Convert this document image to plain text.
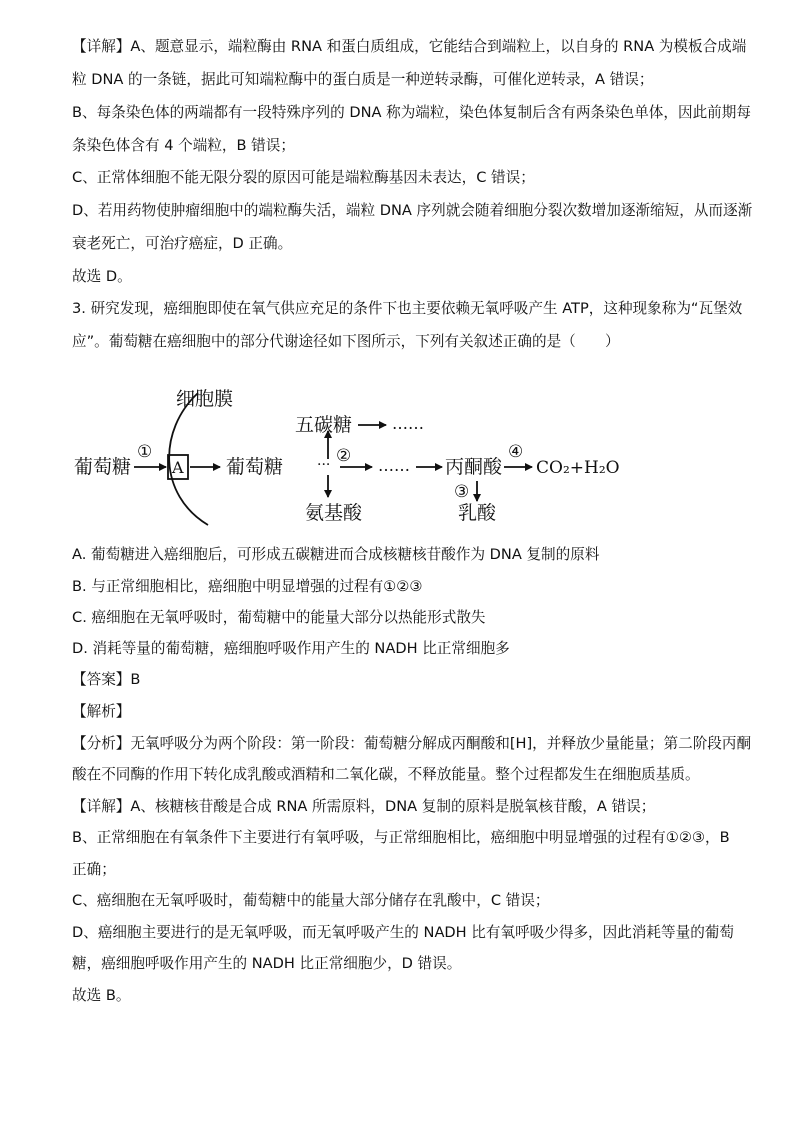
【详解】A、题意显示，端粒酶由 RNA 和蛋白质组成，它能结合到端粒上，以自身的 RNA 为模板合成端
粒 DNA 的一条链，据此可知端粒酶中的蛋白质是一种逆转录酶，可催化逆转录，A 错误；
B、每条染色体的两端都有一段特殊序列的 DNA 称为端粒，染色体复制后含有两条染色单体，因此前期每
条染色体含有 4 个端粒，B 错误；
C、正常体细胞不能无限分裂的原因可能是端粒酶基因未表达，C 错误；
D、若用药物使肿瘤细胞中的端粒酶失活，端粒 DNA 序列就会随着细胞分裂次数增加逐渐缩短，从而逐渐
衰老死亡，可治疗癌症，D 正确。
故选 D。
3. 研究发现，癌细胞即使在氧气供应充足的条件下也主要依赖无氧呼吸产生 ATP，这种现象称为“瓦堡效
应”。葡萄糖在癌细胞中的部分代谢途径如下图所示，下列有关叙述正确的是（　　）
细胞膜
葡萄糖
①
A 葡萄糖 ··· ②
五碳糖 ……
……
氨基酸
丙酮酸
④
CO₂+H₂O
③
乳酸
A. 葡萄糖进入癌细胞后，可形成五碳糖进而合成核糖核苷酸作为 DNA 复制的原料
B. 与正常细胞相比，癌细胞中明显增强的过程有①②③
C. 癌细胞在无氧呼吸时，葡萄糖中的能量大部分以热能形式散失
D. 消耗等量的葡萄糖，癌细胞呼吸作用产生的 NADH 比正常细胞多
【答案】B
【解析】
【分析】无氧呼吸分为两个阶段：第一阶段：葡萄糖分解成丙酮酸和[H]，并释放少量能量；第二阶段丙酮
酸在不同酶的作用下转化成乳酸或酒精和二氧化碳，不释放能量。整个过程都发生在细胞质基质。
【详解】A、核糖核苷酸是合成 RNA 所需原料，DNA 复制的原料是脱氧核苷酸，A 错误；
B、正常细胞在有氧条件下主要进行有氧呼吸，与正常细胞相比，癌细胞中明显增强的过程有①②③，B
正确；
C、癌细胞在无氧呼吸时，葡萄糖中的能量大部分储存在乳酸中，C 错误；
D、癌细胞主要进行的是无氧呼吸，而无氧呼吸产生的 NADH 比有氧呼吸少得多，因此消耗等量的葡萄
糖，癌细胞呼吸作用产生的 NADH 比正常细胞少，D 错误。
故选 B。
